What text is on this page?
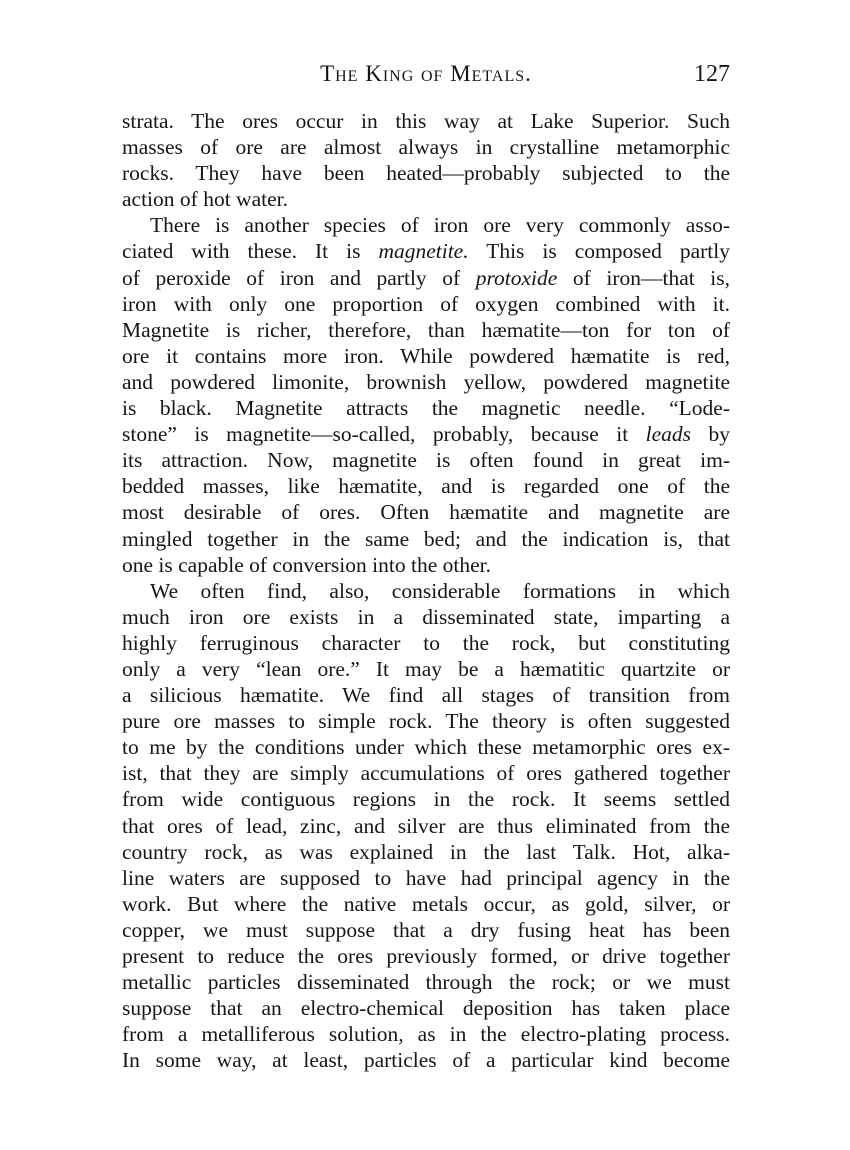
The King of Metals.	127
strata. The ores occur in this way at Lake Superior. Such
masses of ore are almost always in crystalline metamorphic
rocks. They have been heated—probably subjected to the
action of hot water.
There is another species of iron ore very commonly asso-
ciated with these. It is magnetite. This is composed partly
of peroxide of iron and partly of protoxide of iron—that is,
iron with only one proportion of oxygen combined with it.
Magnetite is richer, therefore, than hæmatite—ton for ton of
ore it contains more iron. While powdered hæmatite is red,
and powdered limonite, brownish yellow, powdered magnetite
is black. Magnetite attracts the magnetic needle. “Lode-
stone” is magnetite—so-called, probably, because it leads by
its attraction. Now, magnetite is often found in great im-
bedded masses, like hæmatite, and is regarded one of the
most desirable of ores. Often hæmatite and magnetite are
mingled together in the same bed; and the indication is, that
one is capable of conversion into the other.
We often find, also, considerable formations in which
much iron ore exists in a disseminated state, imparting a
highly ferruginous character to the rock, but constituting
only a very “lean ore.” It may be a hæmatitic quartzite or
a silicious hæmatite. We find all stages of transition from
pure ore masses to simple rock. The theory is often suggested
to me by the conditions under which these metamorphic ores ex-
ist, that they are simply accumulations of ores gathered together
from wide contiguous regions in the rock. It seems settled
that ores of lead, zinc, and silver are thus eliminated from the
country rock, as was explained in the last Talk. Hot, alka-
line waters are supposed to have had principal agency in the
work. But where the native metals occur, as gold, silver, or
copper, we must suppose that a dry fusing heat has been
present to reduce the ores previously formed, or drive together
metallic particles disseminated through the rock; or we must
suppose that an electro-chemical deposition has taken place
from a metalliferous solution, as in the electro-plating process.
In some way, at least, particles of a particular kind become
